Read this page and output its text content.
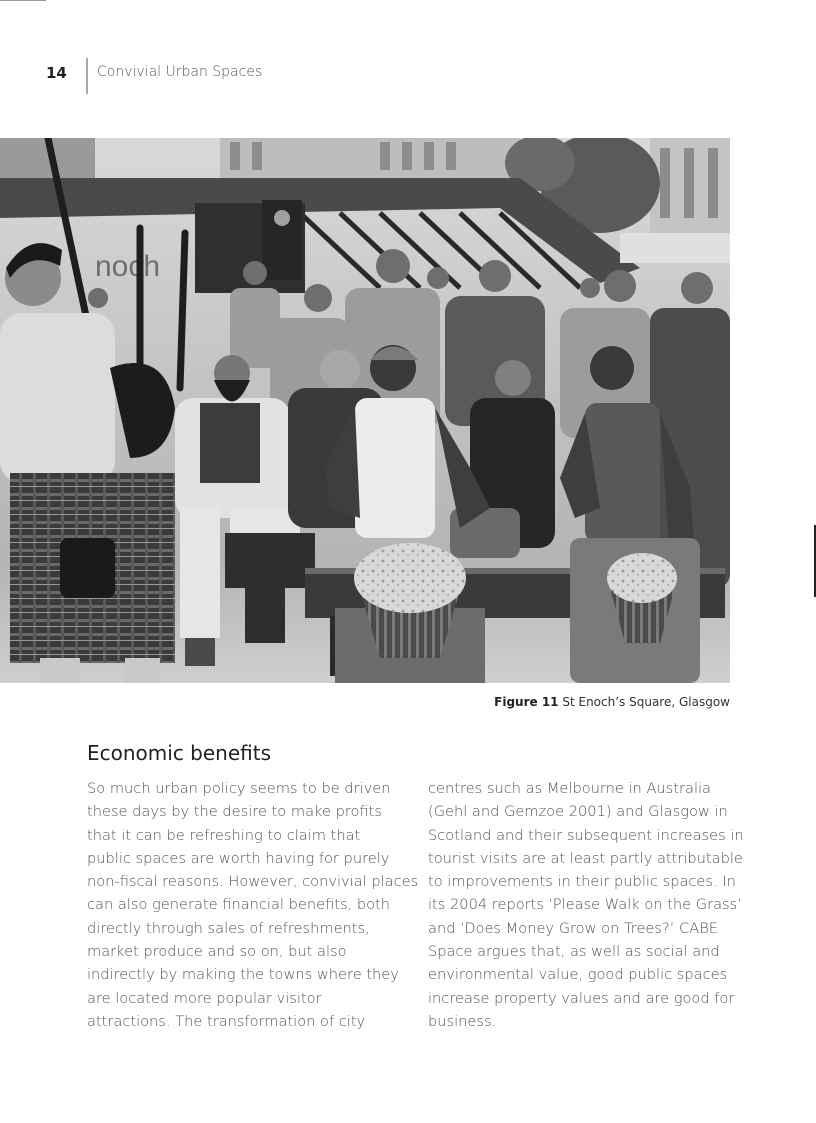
14 Convivial Urban Spaces
noch
Figure 11 St Enoch’s Square, Glasgow
Economic benefits
So much urban policy seems to be driven
these days by the desire to make profits
that it can be refreshing to claim that
public spaces are worth having for purely
non-fiscal reasons. However, convivial places
can also generate financial benefits, both
directly through sales of refreshments,
market produce and so on, but also
indirectly by making the towns where they
are located more popular visitor
attractions. The transformation of city
centres such as Melbourne in Australia
(Gehl and Gemzoe 2001) and Glasgow in
Scotland and their subsequent increases in
tourist visits are at least partly attributable
to improvements in their public spaces. In
its 2004 reports ‘Please Walk on the Grass’
and ‘Does Money Grow on Trees?’ CABE
Space argues that, as well as social and
environmental value, good public spaces
increase property values and are good for
business.
